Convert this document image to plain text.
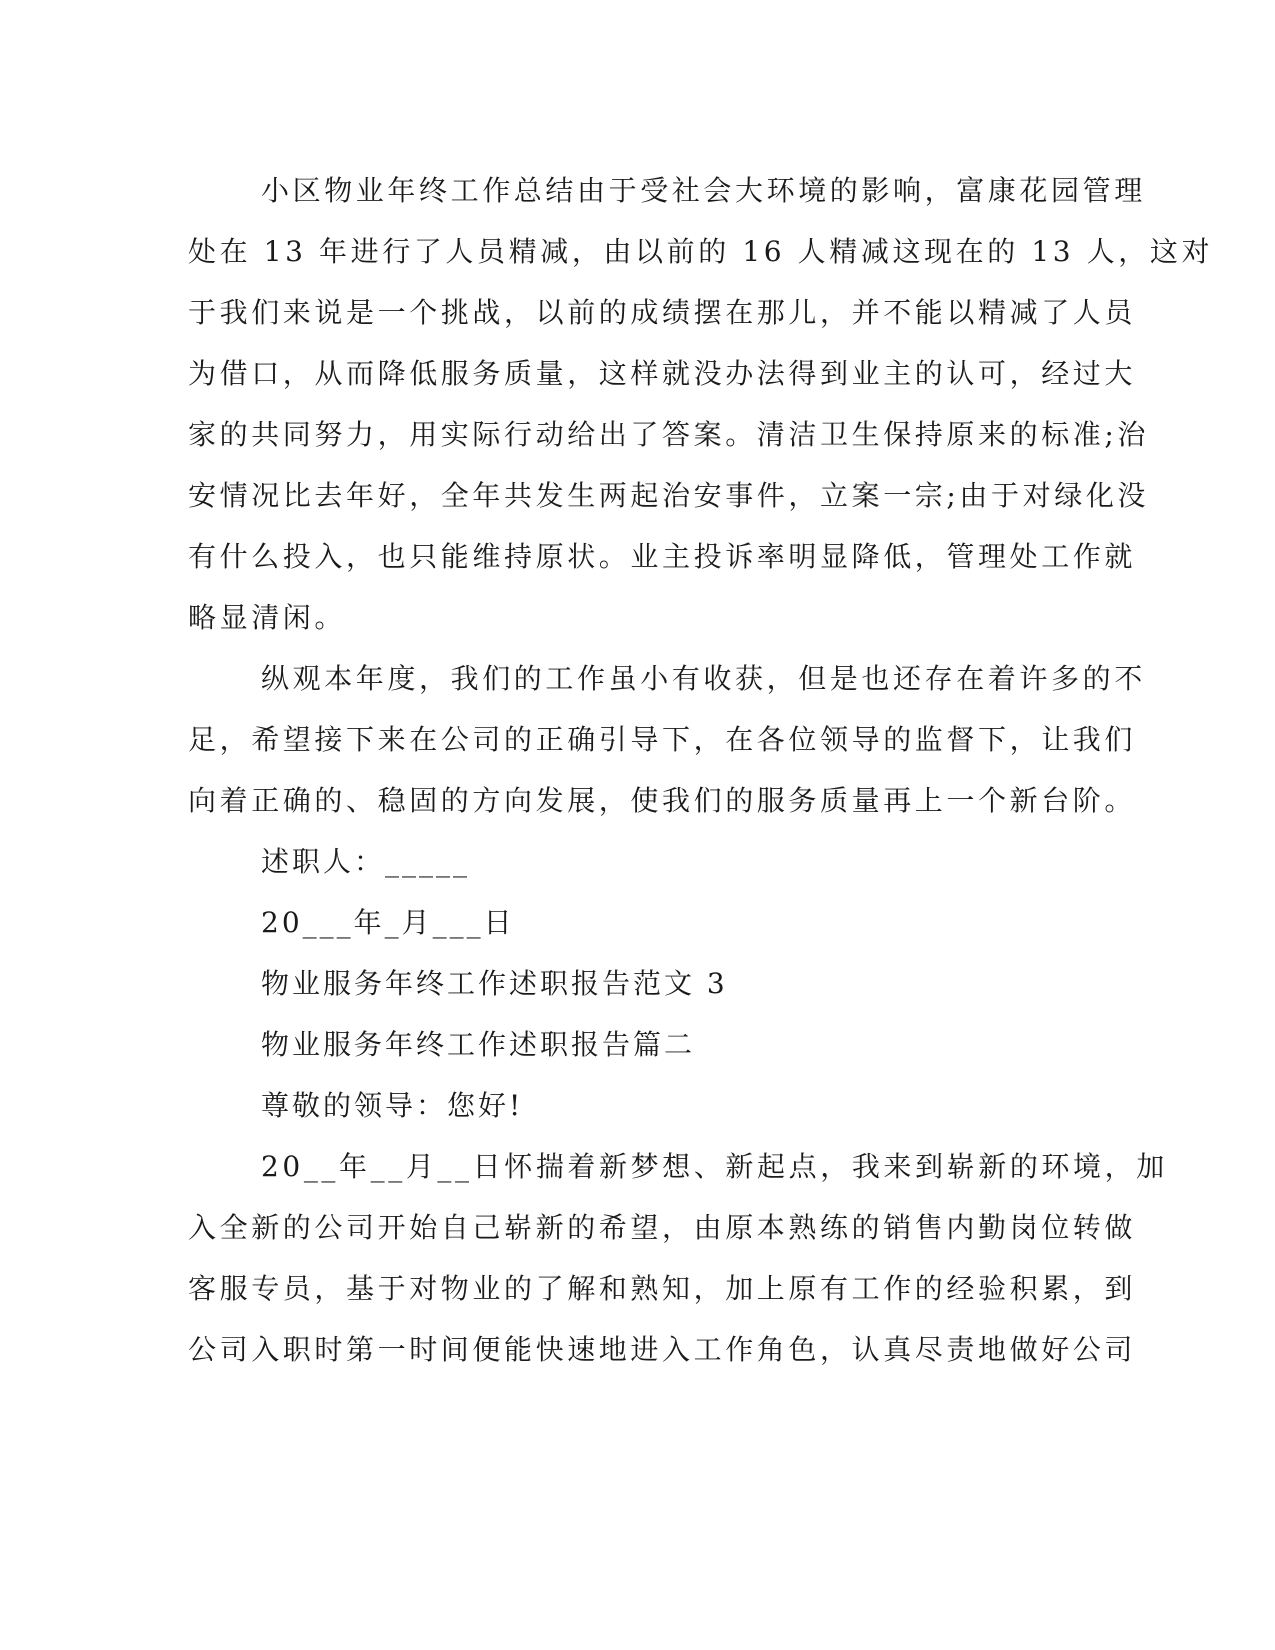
小区物业年终工作总结由于受社会大环境的影响，富康花园管理
处在 13 年进行了人员精减，由以前的 16 人精减这现在的 13 人，这对
于我们来说是一个挑战，以前的成绩摆在那儿，并不能以精减了人员
为借口，从而降低服务质量，这样就没办法得到业主的认可，经过大
家的共同努力，用实际行动给出了答案。清洁卫生保持原来的标准;治
安情况比去年好，全年共发生两起治安事件，立案一宗;由于对绿化没
有什么投入，也只能维持原状。业主投诉率明显降低，管理处工作就
略显清闲。
纵观本年度，我们的工作虽小有收获，但是也还存在着许多的不
足，希望接下来在公司的正确引导下，在各位领导的监督下，让我们
向着正确的、稳固的方向发展，使我们的服务质量再上一个新台阶。
述职人：_____
20___年_月___日
物业服务年终工作述职报告范文 3
物业服务年终工作述职报告篇二
尊敬的领导：您好!
20__年__月__日怀揣着新梦想、新起点，我来到崭新的环境，加
入全新的公司开始自己崭新的希望，由原本熟练的销售内勤岗位转做
客服专员，基于对物业的了解和熟知，加上原有工作的经验积累，到
公司入职时第一时间便能快速地进入工作角色，认真尽责地做好公司
